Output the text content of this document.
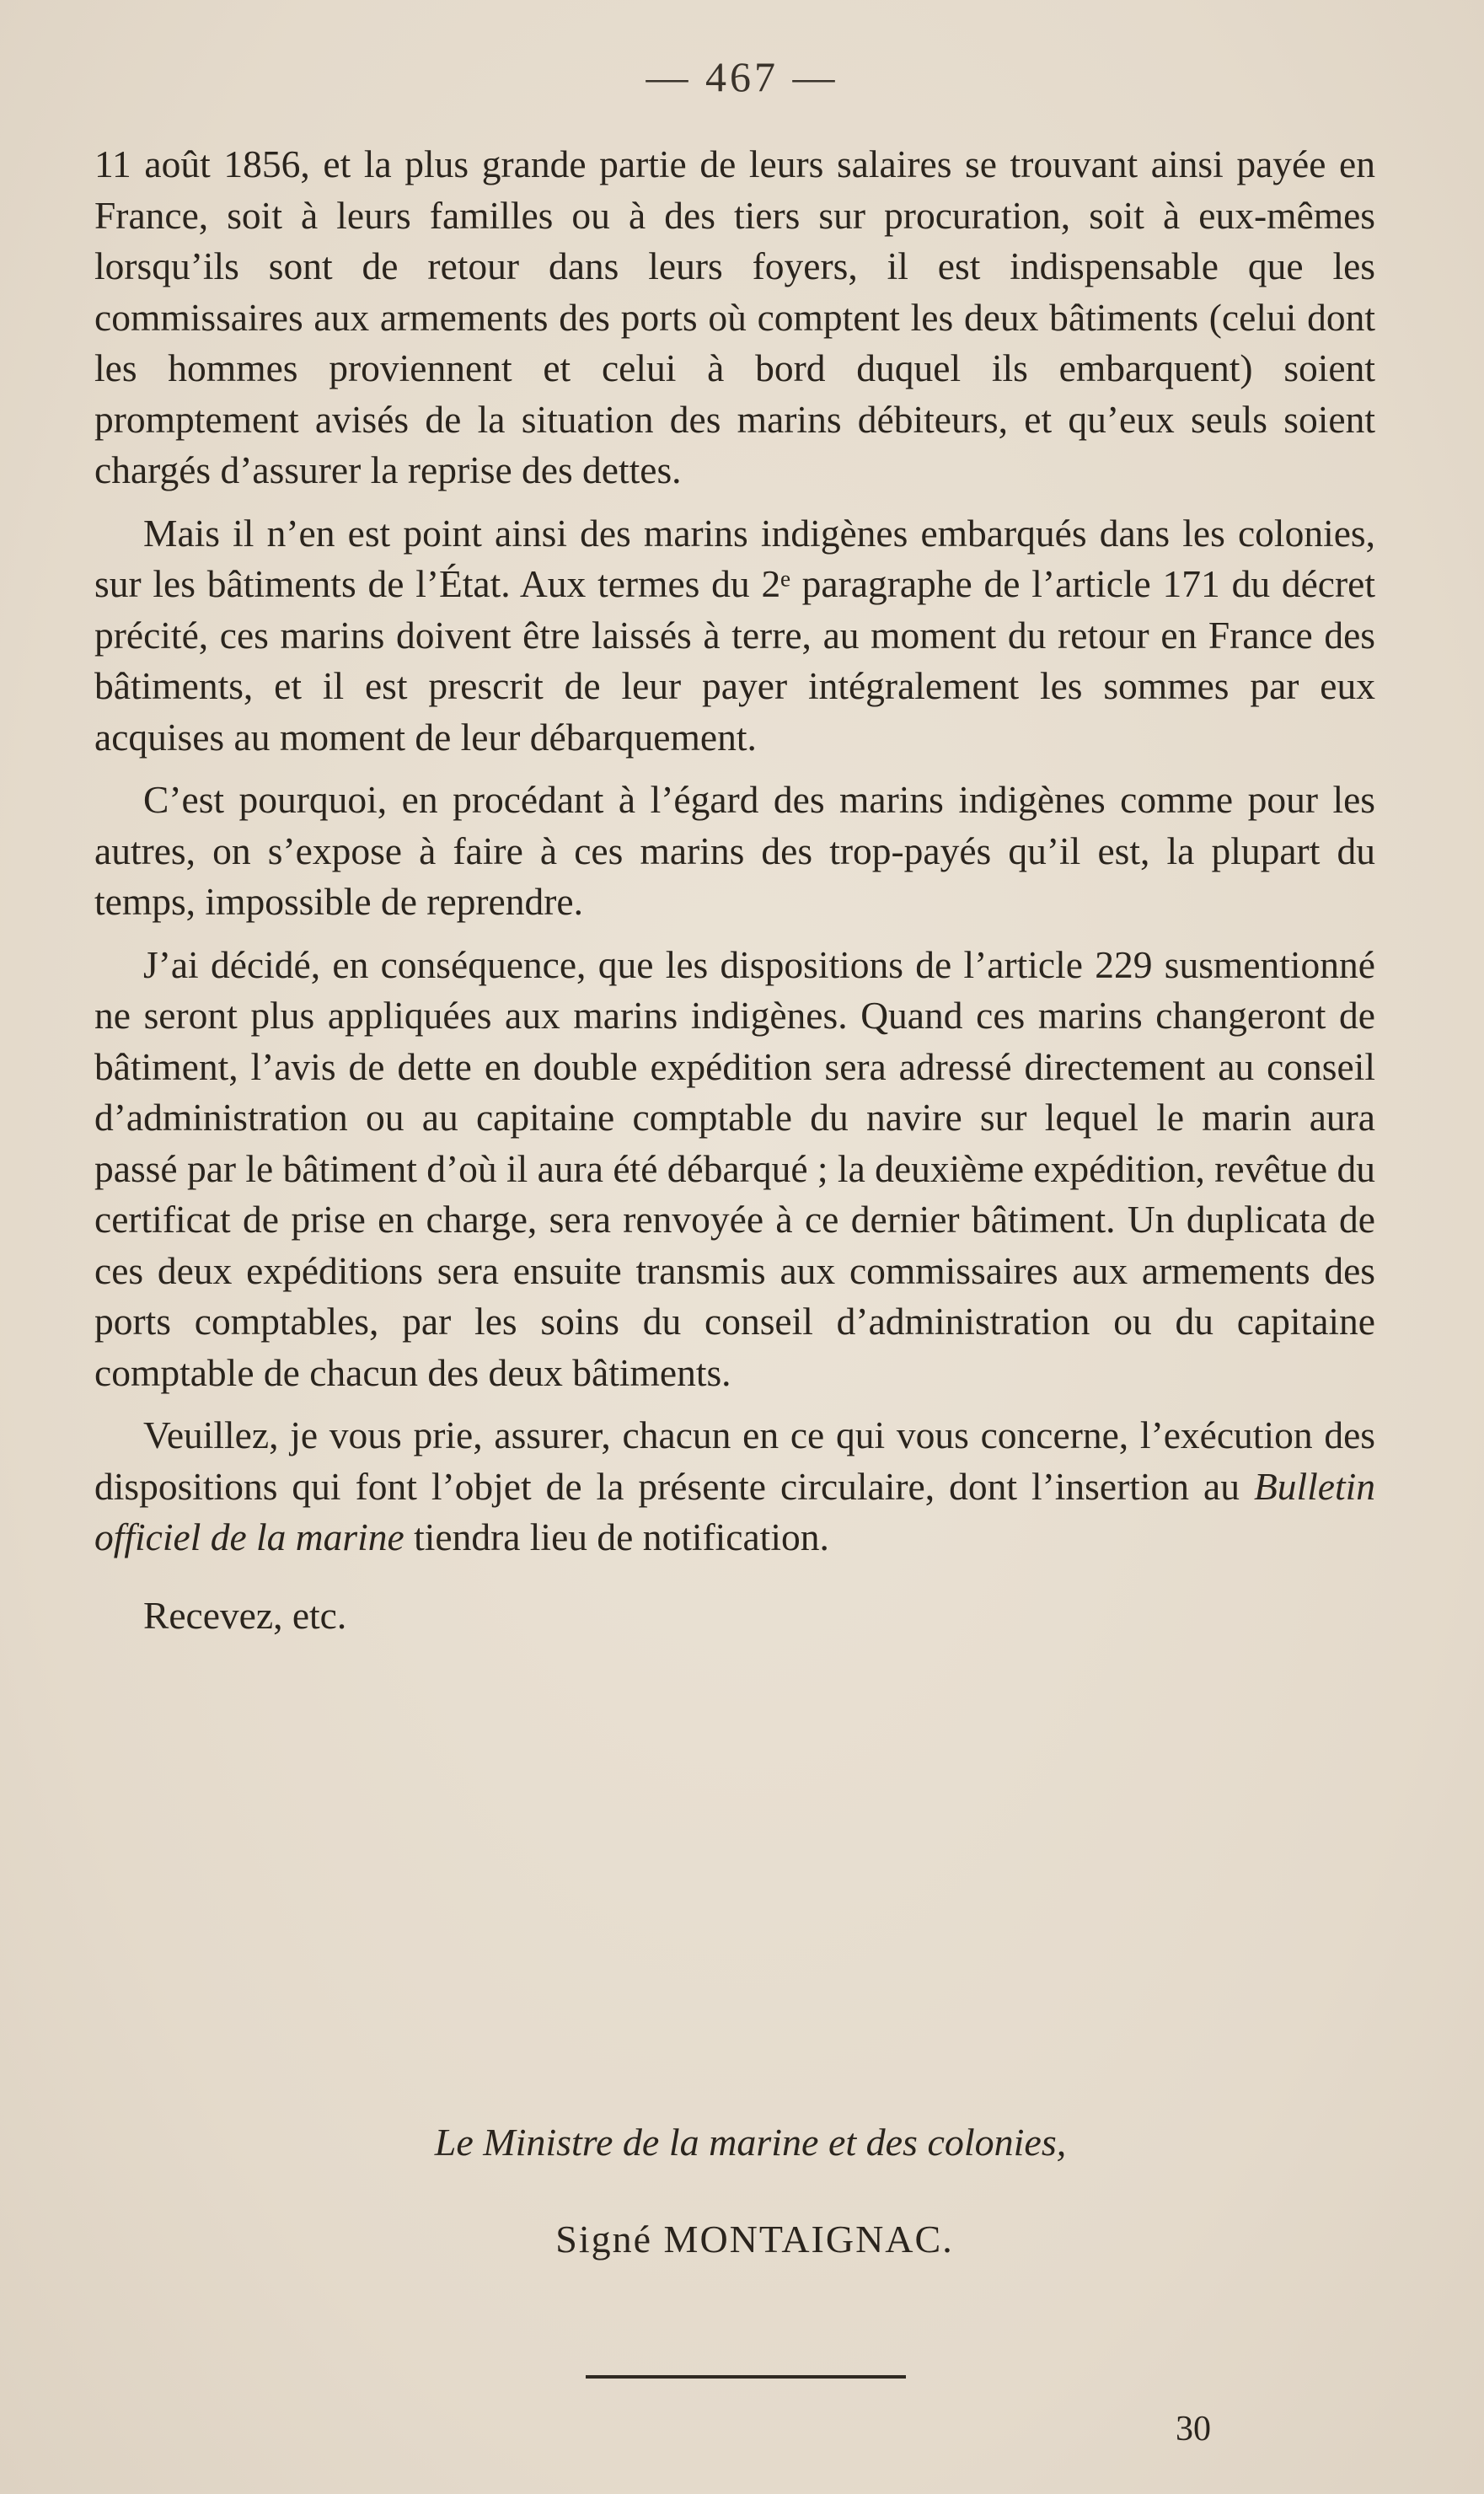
— 467 —

11 août 1856, et la plus grande partie de leurs salaires se trouvant ainsi payée en France, soit à leurs familles ou à des tiers sur procuration, soit à eux-mêmes lorsqu’ils sont de retour dans leurs foyers, il est indispensable que les commissaires aux armements des ports où comptent les deux bâtiments (celui dont les hommes proviennent et celui à bord duquel ils embarquent) soient promptement avisés de la situation des marins débiteurs, et qu’eux seuls soient chargés d’assurer la reprise des dettes.

Mais il n’en est point ainsi des marins indigènes embarqués dans les colonies, sur les bâtiments de l’État. Aux termes du 2ᵉ paragraphe de l’article 171 du décret précité, ces marins doivent être laissés à terre, au moment du retour en France des bâtiments, et il est prescrit de leur payer intégralement les sommes par eux acquises au moment de leur débarquement.

C’est pourquoi, en procédant à l’égard des marins indigènes comme pour les autres, on s’expose à faire à ces marins des trop-payés qu’il est, la plupart du temps, impossible de reprendre.

J’ai décidé, en conséquence, que les dispositions de l’article 229 susmentionné ne seront plus appliquées aux marins indigènes. Quand ces marins changeront de bâtiment, l’avis de dette en double expédition sera adressé directement au conseil d’administration ou au capitaine comptable du navire sur lequel le marin aura passé par le bâtiment d’où il aura été débarqué ; la deuxième expédition, revêtue du certificat de prise en charge, sera renvoyée à ce dernier bâtiment. Un duplicata de ces deux expéditions sera ensuite transmis aux commissaires aux armements des ports comptables, par les soins du conseil d’administration ou du capitaine comptable de chacun des deux bâtiments.

Veuillez, je vous prie, assurer, chacun en ce qui vous concerne, l’exécution des dispositions qui font l’objet de la présente circulaire, dont l’insertion au Bulletin officiel de la marine tiendra lieu de notification.

Recevez, etc.

Le Ministre de la marine et des colonies,
Signé MONTAIGNAC.
30
